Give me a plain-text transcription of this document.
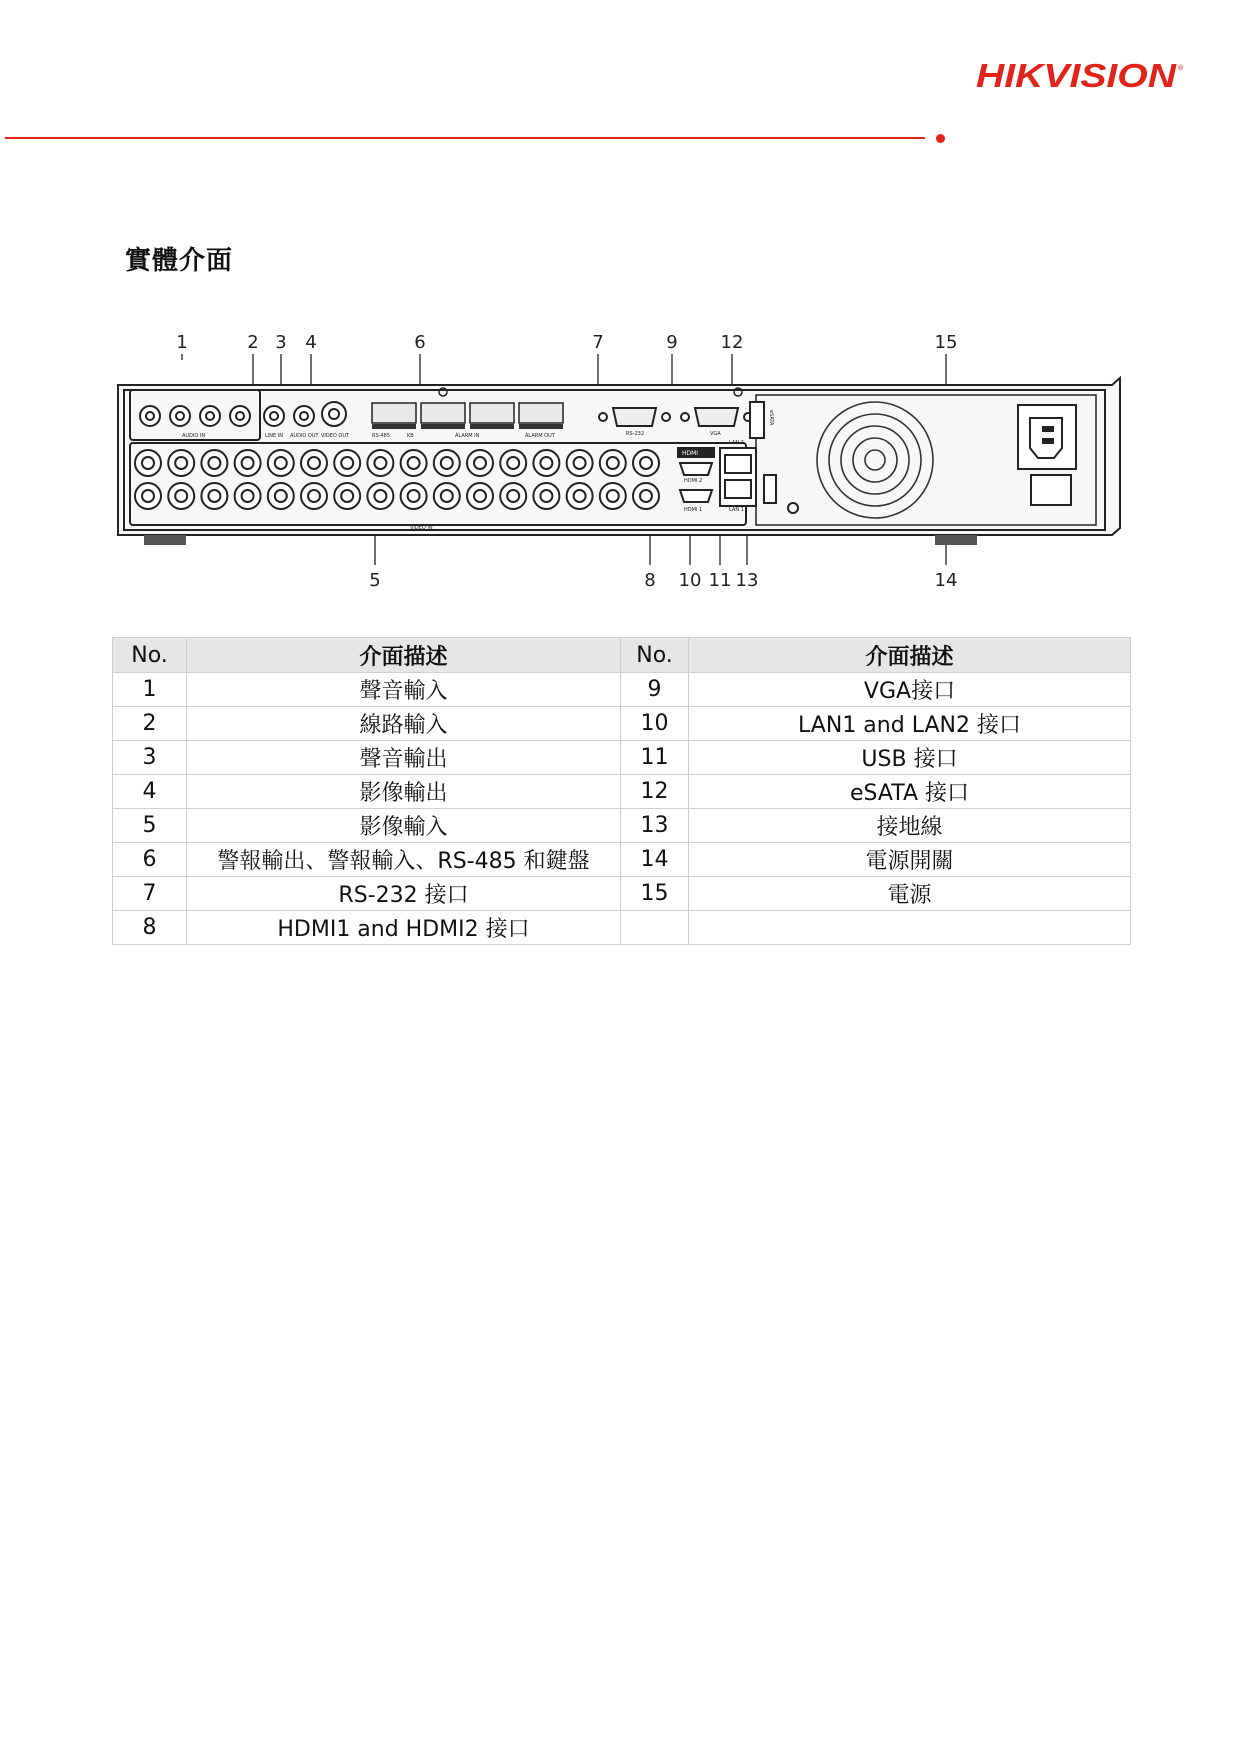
HIKVISION ®
實體介面
1	2 3 4	6	7	9 12	15
5	8 10 11 13	14
AUDIO IN	LINE IN AUDIO OUT VIDEO OUT	RS-485	KB	ALARM IN	ALARM OUT	RS-232	VGA
eSATA
VIDEO IN
HDMI
HDMI 2
HDMI 1
LAN 2
LAN 1
No.	介面描述	No.	介面描述
1	聲音輸入	9	VGA接口
2	線路輸入	10	LAN1 and LAN2 接口
3	聲音輸出	11	USB 接口
4	影像輸出	12	eSATA 接口
5	影像輸入	13	接地線
6	警報輸出、警報輸入、RS-485 和鍵盤	14	電源開關
7	RS-232 接口	15	電源
8	HDMI1 and HDMI2 接口		
